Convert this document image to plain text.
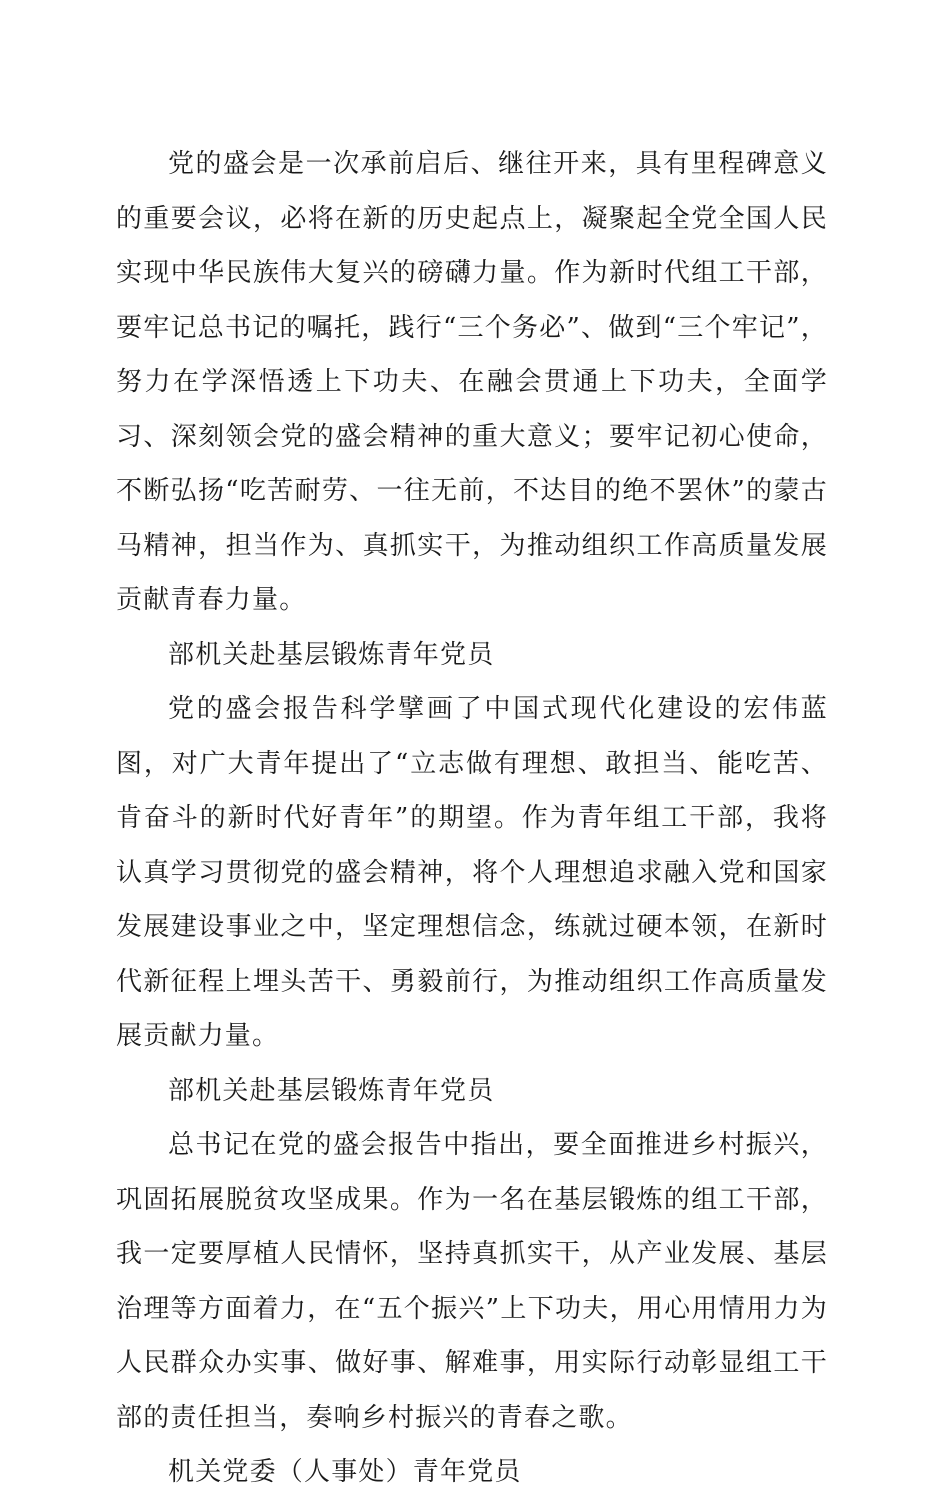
党的盛会是一次承前启后、继往开来，具有里程碑意义的重要会议，必将在新的历史起点上，凝聚起全党全国人民实现中华民族伟大复兴的磅礴力量。作为新时代组工干部，要牢记总书记的嘱托，践行“三个务必”、做到“三个牢记”，努力在学深悟透上下功夫、在融会贯通上下功夫，全面学习、深刻领会党的盛会精神的重大意义；要牢记初心使命，不断弘扬“吃苦耐劳、一往无前，不达目的绝不罢休”的蒙古马精神，担当作为、真抓实干，为推动组织工作高质量发展贡献青春力量。

部机关赴基层锻炼青年党员

党的盛会报告科学擘画了中国式现代化建设的宏伟蓝图，对广大青年提出了“立志做有理想、敢担当、能吃苦、肯奋斗的新时代好青年”的期望。作为青年组工干部，我将认真学习贯彻党的盛会精神，将个人理想追求融入党和国家发展建设事业之中，坚定理想信念，练就过硬本领，在新时代新征程上埋头苦干、勇毅前行，为推动组织工作高质量发展贡献力量。

部机关赴基层锻炼青年党员

总书记在党的盛会报告中指出，要全面推进乡村振兴，巩固拓展脱贫攻坚成果。作为一名在基层锻炼的组工干部，我一定要厚植人民情怀，坚持真抓实干，从产业发展、基层治理等方面着力，在“五个振兴”上下功夫，用心用情用力为人民群众办实事、做好事、解难事，用实际行动彰显组工干部的责任担当，奏响乡村振兴的青春之歌。

机关党委（人事处）青年党员
